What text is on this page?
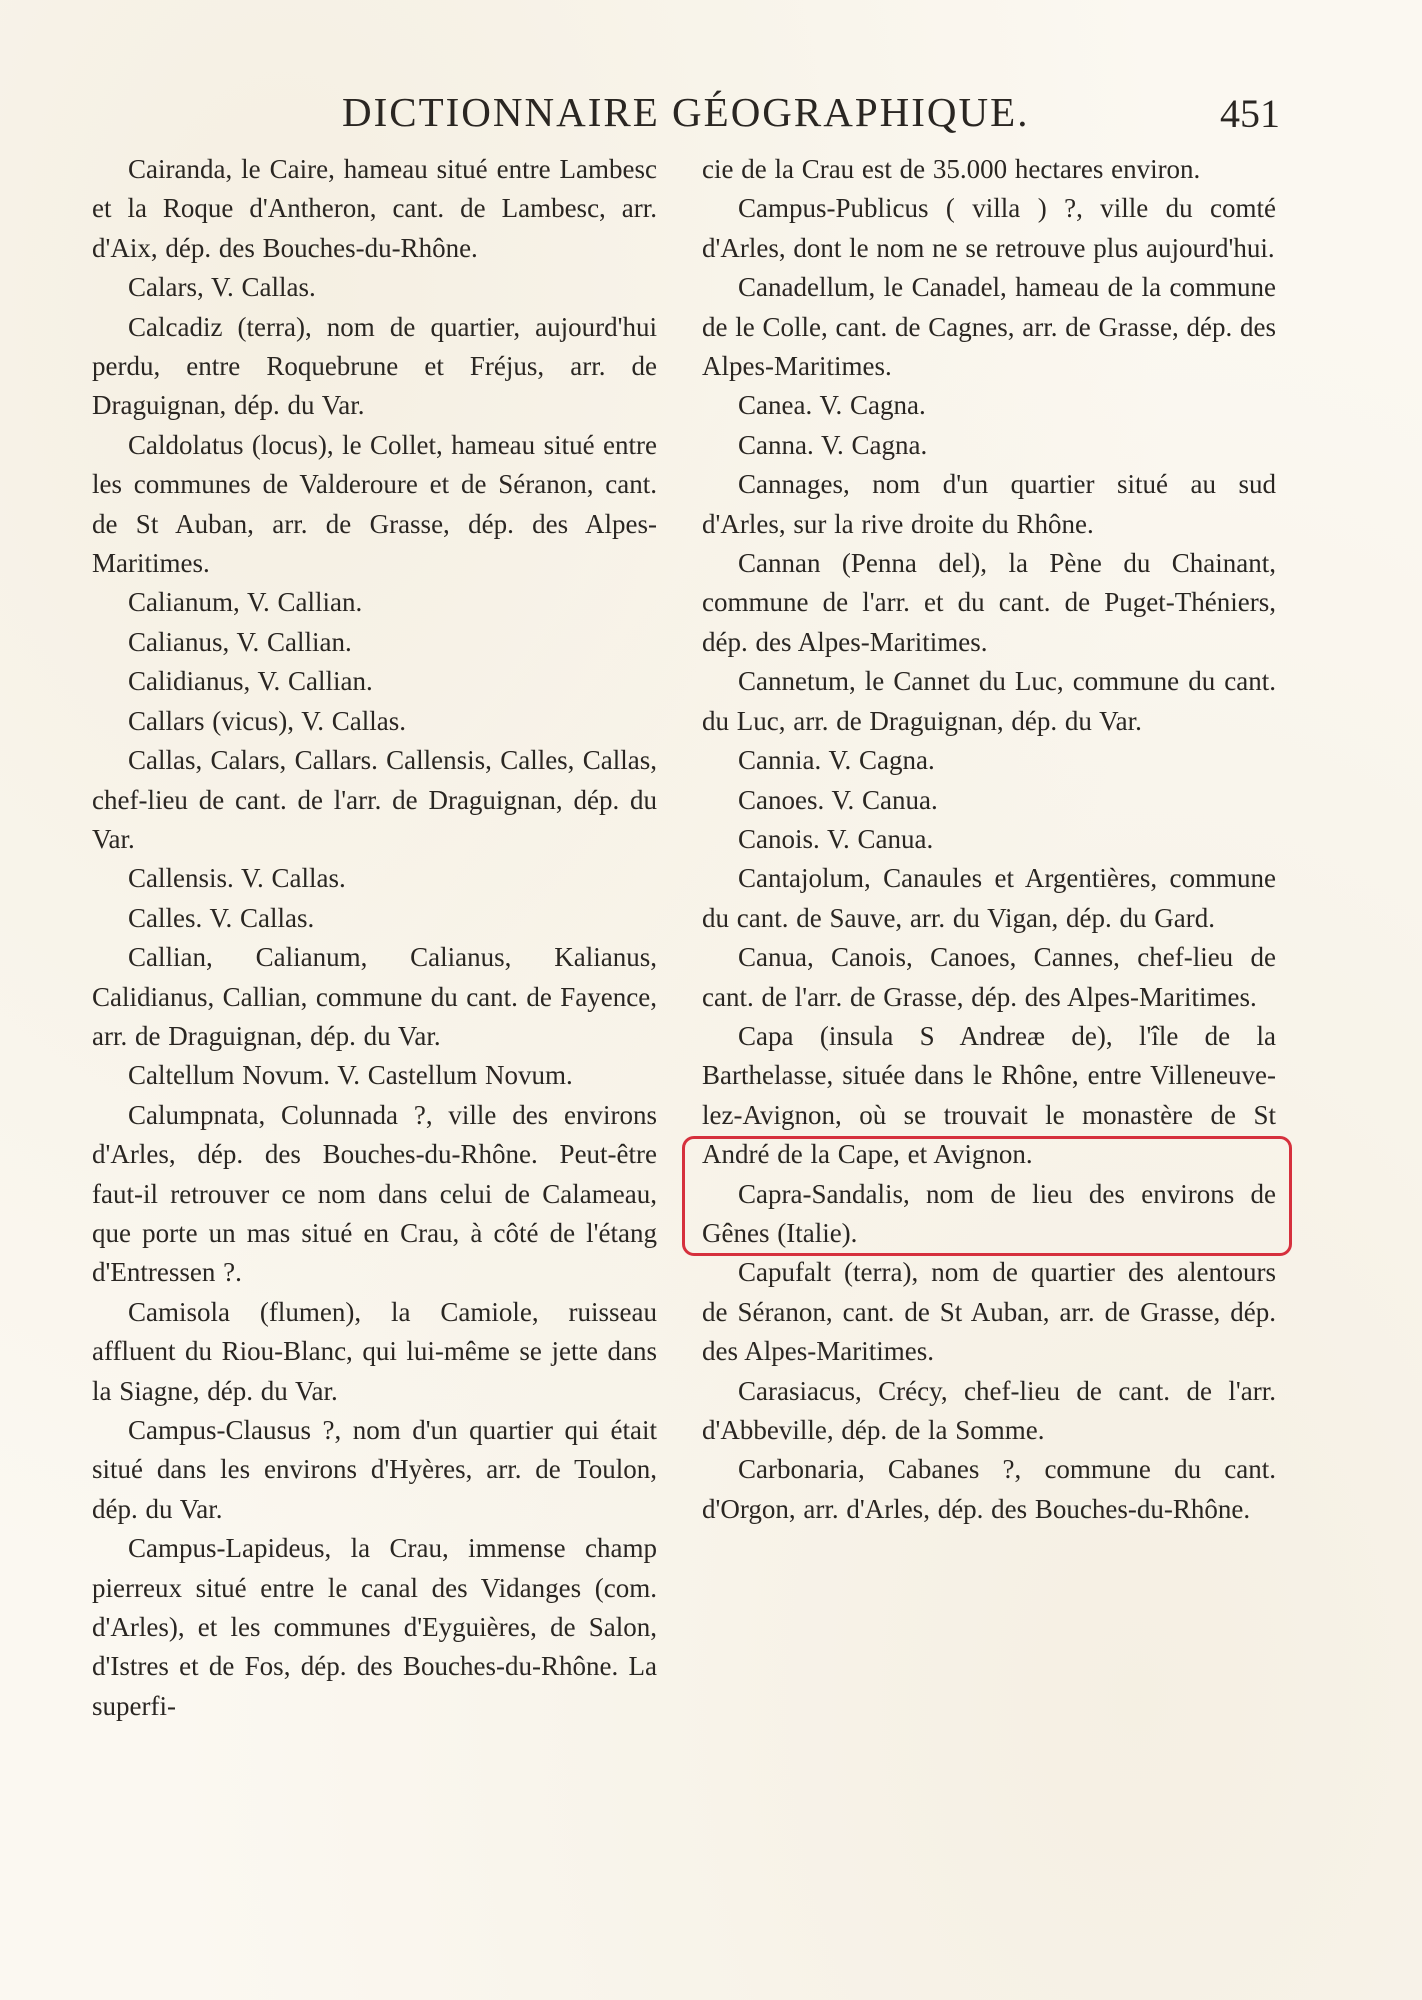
DICTIONNAIRE GÉOGRAPHIQUE.	451

Cairanda, le Caire, hameau situé entre Lambesc et la Roque d'Antheron, cant. de Lambesc, arr. d'Aix, dép. des Bouches-du-Rhône.

Calars, V. Callas.

Calcadiz (terra), nom de quartier, aujourd'hui perdu, entre Roquebrune et Fréjus, arr. de Draguignan, dép. du Var.

Caldolatus (locus), le Collet, hameau situé entre les communes de Valderoure et de Séranon, cant. de St Auban, arr. de Grasse, dép. des Alpes-Maritimes.

Calianum, V. Callian.

Calianus, V. Callian.

Calidianus, V. Callian.

Callars (vicus), V. Callas.

Callas, Calars, Callars. Callensis, Calles, Callas, chef-lieu de cant. de l'arr. de Draguignan, dép. du Var.

Callensis. V. Callas.

Calles. V. Callas.

Callian, Calianum, Calianus, Kalianus, Calidianus, Callian, commune du cant. de Fayence, arr. de Draguignan, dép. du Var.

Caltellum Novum. V. Castellum Novum.

Calumpnata, Colunnada ?, ville des environs d'Arles, dép. des Bouches-du-Rhône. Peut-être faut-il retrouver ce nom dans celui de Calameau, que porte un mas situé en Crau, à côté de l'étang d'Entressen ?.

Camisola (flumen), la Camiole, ruisseau affluent du Riou-Blanc, qui lui-même se jette dans la Siagne, dép. du Var.

Campus-Clausus ?, nom d'un quartier qui était situé dans les environs d'Hyères, arr. de Toulon, dép. du Var.

Campus-Lapideus, la Crau, immense champ pierreux situé entre le canal des Vidanges (com. d'Arles), et les communes d'Eyguières, de Salon, d'Istres et de Fos, dép. des Bouches-du-Rhône. La superfi-

cie de la Crau est de 35.000 hectares environ.

Campus-Publicus ( villa ) ?, ville du comté d'Arles, dont le nom ne se retrouve plus aujourd'hui.

Canadellum, le Canadel, hameau de la commune de le Colle, cant. de Cagnes, arr. de Grasse, dép. des Alpes-Maritimes.

Canea. V. Cagna.

Canna. V. Cagna.

Cannages, nom d'un quartier situé au sud d'Arles, sur la rive droite du Rhône.

Cannan (Penna del), la Pène du Chainant, commune de l'arr. et du cant. de Puget-Théniers, dép. des Alpes-Maritimes.

Cannetum, le Cannet du Luc, commune du cant. du Luc, arr. de Draguignan, dép. du Var.

Cannia. V. Cagna.

Canoes. V. Canua.

Canois. V. Canua.

Cantajolum, Canaules et Argentières, commune du cant. de Sauve, arr. du Vigan, dép. du Gard.

Canua, Canois, Canoes, Cannes, chef-lieu de cant. de l'arr. de Grasse, dép. des Alpes-Maritimes.

Capa (insula S Andreæ de), l'île de la Barthelasse, située dans le Rhône, entre Villeneuve-lez-Avignon, où se trouvait le monastère de St André de la Cape, et Avignon.

Capra-Sandalis, nom de lieu des environs de Gênes (Italie).

Capufalt (terra), nom de quartier des alentours de Séranon, cant. de St Auban, arr. de Grasse, dép. des Alpes-Maritimes.

Carasiacus, Crécy, chef-lieu de cant. de l'arr. d'Abbeville, dép. de la Somme.

Carbonaria, Cabanes ?, commune du cant. d'Orgon, arr. d'Arles, dép. des Bouches-du-Rhône.
